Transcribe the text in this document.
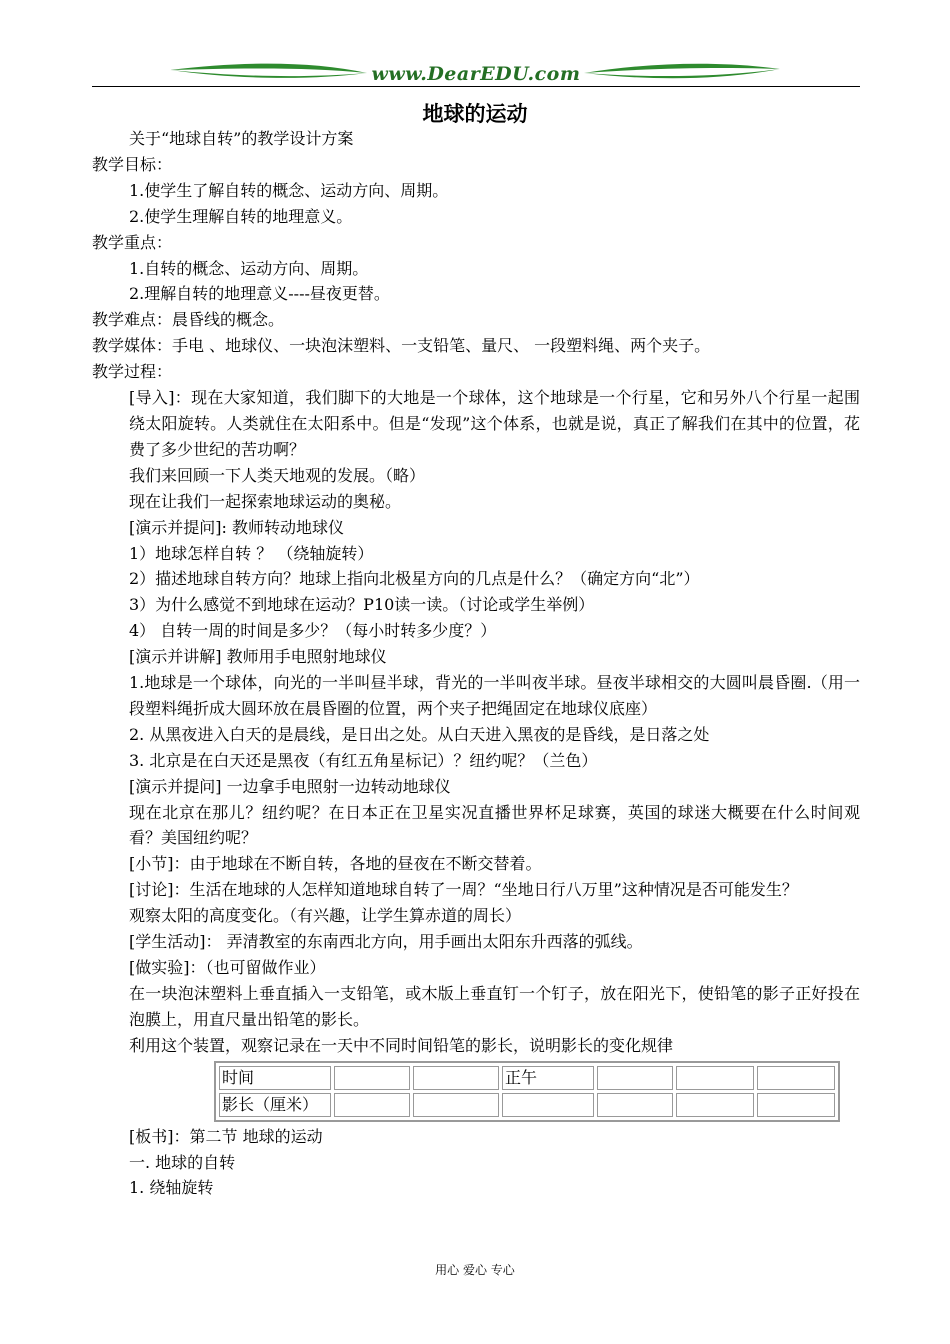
www.DearEDU.com
地球的运动
关于“地球自转”的教学设计方案
教学目标：
1.使学生了解自转的概念、运动方向、周期。
2.使学生理解自转的地理意义。
教学重点：
1.自转的概念、运动方向、周期。
2.理解自转的地理意义----昼夜更替。
教学难点：晨昏线的概念。
教学媒体：手电 、地球仪、一块泡沫塑料、一支铅笔、量尺、 一段塑料绳、两个夹子。
教学过程：
[导入]：现在大家知道，我们脚下的大地是一个球体，这个地球是一个行星，它和另外八个行星一起围绕太阳旋转。人类就住在太阳系中。但是“发现”这个体系，也就是说，真正了解我们在其中的位置，花费了多少世纪的苦功啊？
我们来回顾一下人类天地观的发展。（略）
现在让我们一起探索地球运动的奥秘。
[演示并提问]: 教师转动地球仪
1）地球怎样自转 ？ （绕轴旋转）
2）描述地球自转方向？地球上指向北极星方向的几点是什么？（确定方向“北”）
3）为什么感觉不到地球在运动？P10读一读。（讨论或学生举例）
4） 自转一周的时间是多少？（每小时转多少度？）
[演示并讲解] 教师用手电照射地球仪
1.地球是一个球体，向光的一半叫昼半球，背光的一半叫夜半球。昼夜半球相交的大圆叫晨昏圈.（用一段塑料绳折成大圆环放在晨昏圈的位置，两个夹子把绳固定在地球仪底座）
2. 从黑夜进入白天的是晨线，是日出之处。从白天进入黑夜的是昏线，是日落之处
3. 北京是在白天还是黑夜（有红五角星标记）？纽约呢？（兰色）
[演示并提问] 一边拿手电照射一边转动地球仪
现在北京在那儿？纽约呢？在日本正在卫星实况直播世界杯足球赛，英国的球迷大概要在什么时间观看？美国纽约呢？
[小节]：由于地球在不断自转，各地的昼夜在不断交替着。
[讨论]：生活在地球的人怎样知道地球自转了一周？“坐地日行八万里”这种情况是否可能发生？
观察太阳的高度变化。（有兴趣，让学生算赤道的周长）
[学生活动]： 弄清教室的东南西北方向，用手画出太阳东升西落的弧线。
[做实验]：（也可留做作业）
在一块泡沫塑料上垂直插入一支铅笔，或木版上垂直钉一个钉子，放在阳光下，使铅笔的影子正好投在泡膜上，用直尺量出铅笔的影长。
利用这个装置，观察记录在一天中不同时间铅笔的影长，说明影长的变化规律
时间			正午			
影长（厘米）						
[板书]：第二节 地球的运动
一. 地球的自转
1. 绕轴旋转
用心 爱心 专心
